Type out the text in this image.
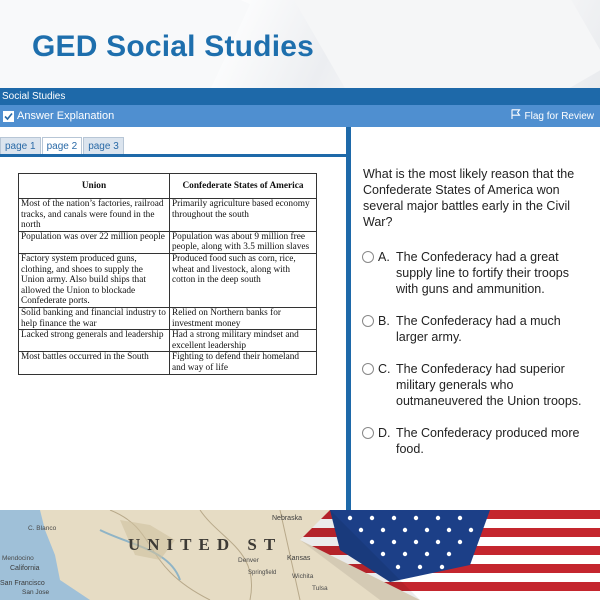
GED Social Studies
Social Studies
Answer Explanation	Flag for Review
page 1	page 2	page 3
Union	Confederate States of America
Most of the nation’s factories, railroad tracks, and canals were found in the north	Primarily agriculture based economy throughout the south
Population was over 22 million people	Population was about 9 million free people, along with 3.5 million slaves
Factory system produced guns, clothing, and shoes to supply the Union army. Also build ships that allowed the Union to blockade Confederate ports.	Produced food such as corn, rice, wheat and livestock, along with cotton in the deep south
Solid banking and financial industry to help finance the war	Relied on Northern banks for investment money
Lacked strong generals and leadership	Had a strong military mindset and excellent leadership
Most battles occurred in the South	Fighting to defend their homeland and way of life
What is the most likely reason that the Confederate States of America won several major battles early in the Civil War?
A. The Confederacy had a great supply line to fortify their troops with guns and ammunition.
B. The Confederacy had a much larger army.
C. The Confederacy had superior military generals who outmaneuvered the Union troops.
D. The Confederacy produced more food.
UNITED ST
C. Blanco
Mendocino
California
San Francisco
San Jose
Nebraska
Kansas
Denver
Wichita
Tulsa
Springfield
